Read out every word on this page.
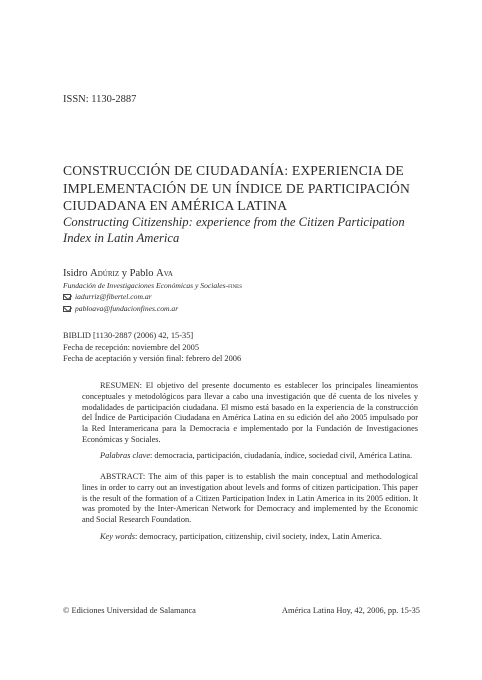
ISSN: 1130-2887
CONSTRUCCIÓN DE CIUDADANÍA: EXPERIENCIA DE
IMPLEMENTACIÓN DE UN ÍNDICE DE PARTICIPACIÓN
CIUDADANA EN AMÉRICA LATINA
Constructing Citizenship: experience from the Citizen Participation
Index in Latin America
Isidro Adúriz y Pablo Ava
Fundación de Investigaciones Económicas y Sociales-fines
iadurriz@fibertel.com.ar
pabloava@fundacionfines.com.ar
BIBLID [1130-2887 (2006) 42, 15-35]
Fecha de recepción: noviembre del 2005
Fecha de aceptación y versión final: febrero del 2006
RESUMEN: El objetivo del presente documento es establecer los principales lineamientos conceptuales y metodológicos para llevar a cabo una investigación que dé cuenta de los niveles y modalidades de participación ciudadana. El mismo está basado en la experiencia de la construcción del Índice de Participación Ciudadana en América Latina en su edición del año 2005 impulsado por la Red Interamericana para la Democracia e implementado por la Fundación de Investigaciones Económicas y Sociales.
Palabras clave: democracia, participación, ciudadanía, índice, sociedad civil, América Latina.
ABSTRACT: The aim of this paper is to establish the main conceptual and methodological lines in order to carry out an investigation about levels and forms of citizen participation. This paper is the result of the formation of a Citizen Participation Index in Latin America in its 2005 edition. It was promoted by the Inter-American Network for Democracy and implemented by the Economic and Social Research Foundation.
Key words: democracy, participation, citizenship, civil society, index, Latin America.
© Ediciones Universidad de Salamanca	América Latina Hoy, 42, 2006, pp. 15-35
